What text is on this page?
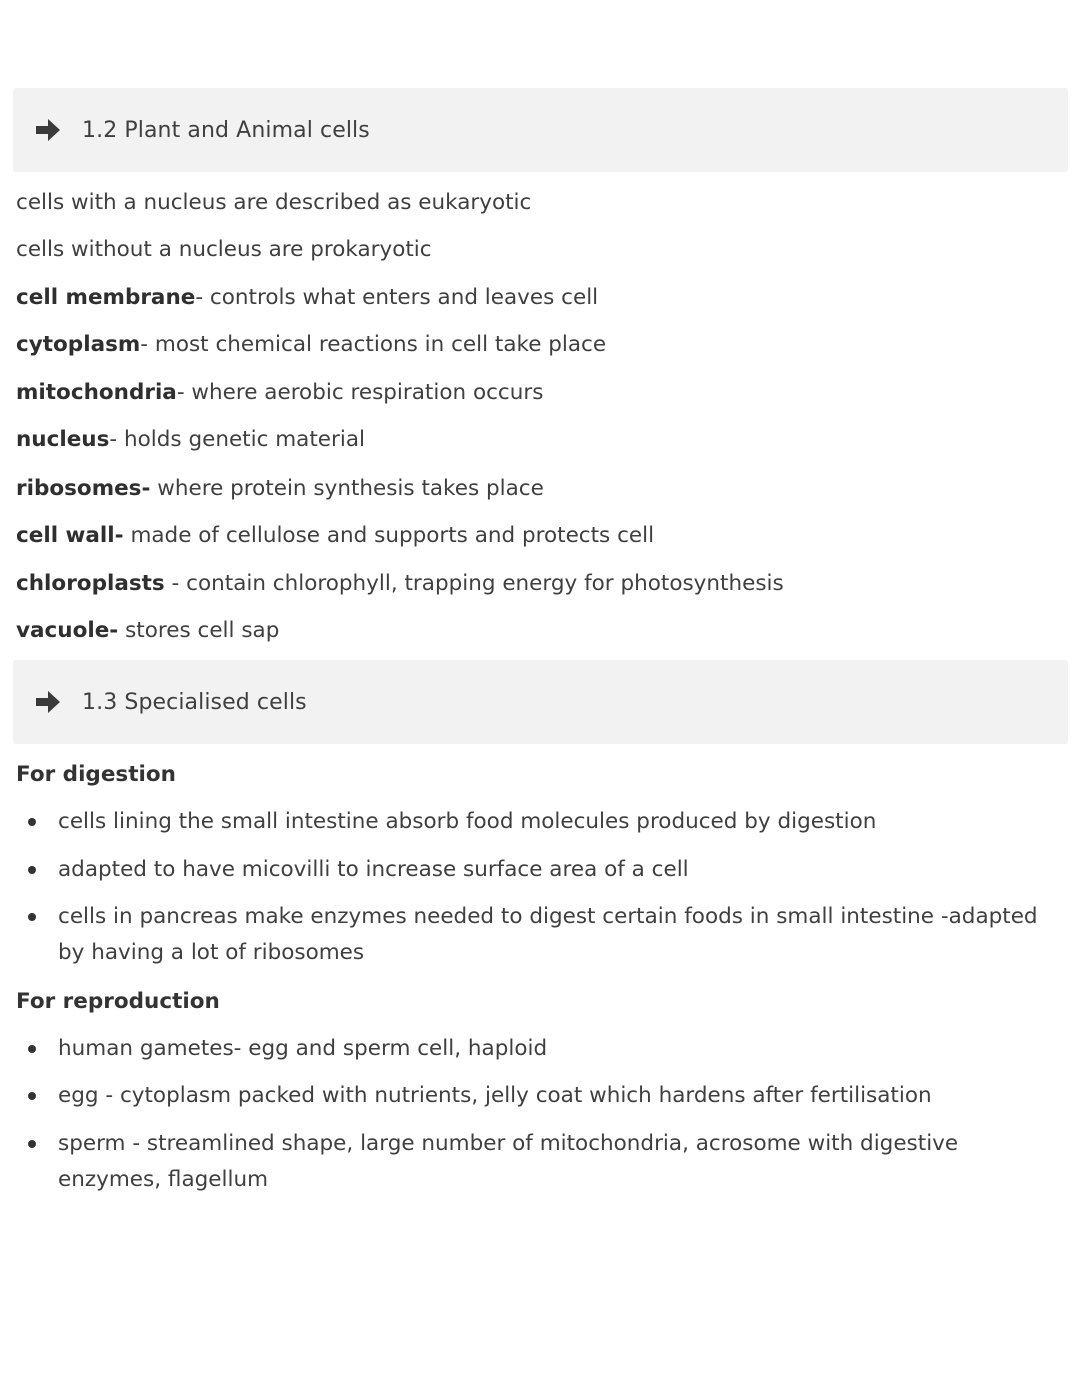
1.2 Plant and Animal cells
cells with a nucleus are described as eukaryotic
cells without a nucleus are prokaryotic
cell membrane- controls what enters and leaves cell
cytoplasm- most chemical reactions in cell take place
mitochondria- where aerobic respiration occurs
nucleus- holds genetic material
ribosomes- where protein synthesis takes place
cell wall- made of cellulose and supports and protects cell
chloroplasts - contain chlorophyll, trapping energy for photosynthesis
vacuole- stores cell sap
1.3 Specialised cells
For digestion
cells lining the small intestine absorb food molecules produced by digestion
adapted to have micovilli to increase surface area of a cell
cells in pancreas make enzymes needed to digest certain foods in small intestine -adapted by having a lot of ribosomes
For reproduction
human gametes- egg and sperm cell, haploid
egg - cytoplasm packed with nutrients, jelly coat which hardens after fertilisation
sperm - streamlined shape, large number of mitochondria, acrosome with digestive enzymes, flagellum
